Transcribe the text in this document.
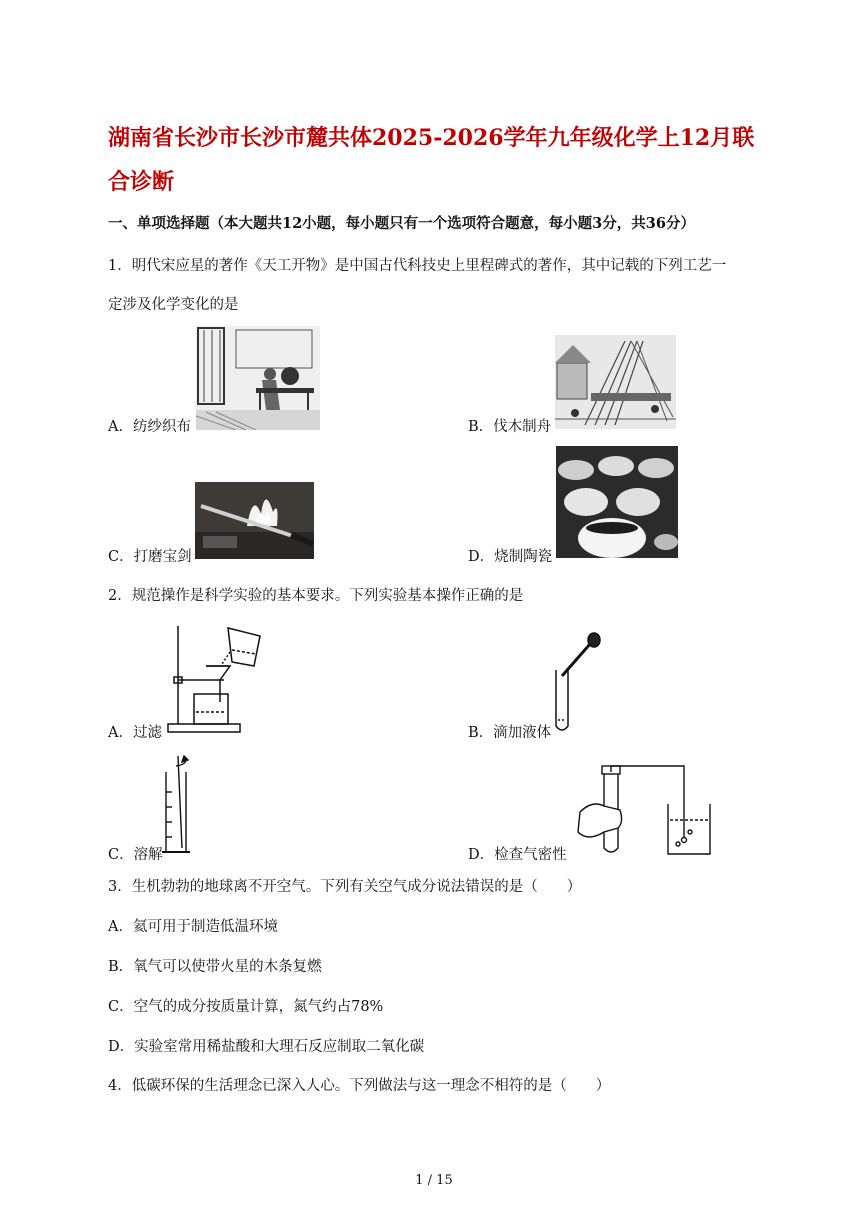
湖南省长沙市长沙市麓共体2025-2026学年九年级化学上12月联合诊断
一、单项选择题（本大题共12小题，每小题只有一个选项符合题意，每小题3分，共36分）
1．明代宋应星的著作《天工开物》是中国古代科技史上里程碑式的著作，其中记载的下列工艺一
定涉及化学变化的是
A．纺纱织布	B．伐木制舟
C．打磨宝剑	D．烧制陶瓷
2．规范操作是科学实验的基本要求。下列实验基本操作正确的是
A．过滤	B．滴加液体
C．溶解	D．检查气密性
3．生机勃勃的地球离不开空气。下列有关空气成分说法错误的是（　　）
A．氦可用于制造低温环境
B．氧气可以使带火星的木条复燃
C．空气的成分按质量计算，氮气约占78%
D．实验室常用稀盐酸和大理石反应制取二氧化碳
4．低碳环保的生活理念已深入人心。下列做法与这一理念不相符的是（　　）
1 / 15
